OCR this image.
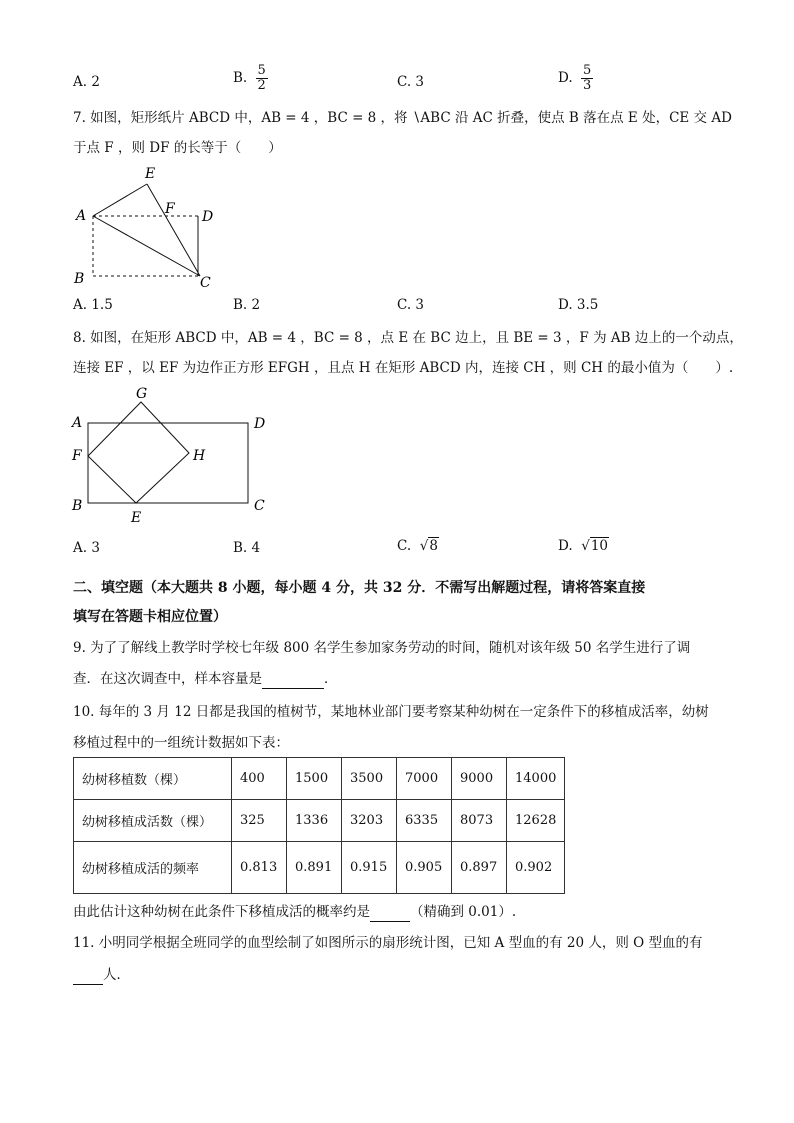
A. 2	B. $\frac{5}{2}$	C. 3	D. $\frac{5}{3}$
7. 如图，矩形纸片 ABCD 中，AB = 4 ，BC = 8 ，将 ∖ABC 沿 AC 折叠，使点 B 落在点 E 处，CE 交 AD
于点 F ，则 DF 的长等于（　　）
E
A	F D
B	C
A. 1.5	B. 2	C. 3	D. 3.5
8. 如图，在矩形 ABCD 中，AB = 4 ，BC = 8 ，点 E 在 BC 边上，且 BE = 3 ，F 为 AB 边上的一个动点，
连接 EF ，以 EF 为边作正方形 EFGH ，且点 H 在矩形 ABCD 内，连接 CH ，则 CH 的最小值为（　　）.
G
A	D
F	H
B
E
C
A. 3	B. 4	C.  √8	D.  √10
二、填空题（本大题共 8 小题，每小题 4 分，共 32 分．不需写出解题过程，请将答案直接
填写在答题卡相应位置）
9. 为了了解线上教学时学校七年级 800 名学生参加家务劳动的时间，随机对该年级 50 名学生进行了调
查．在这次调查中，样本容量是	．
10. 每年的 3 月 12 日都是我国的植树节，某地林业部门要考察某种幼树在一定条件下的移植成活率，幼树
移植过程中的一组统计数据如下表：
幼树移植数（棵）	400	1500	3500	7000	9000	14000
幼树移植成活数（棵）	325	1336	3203	6335	8073	12628
幼树移植成活的频率	0.813	0.891	0.915	0.905	0.897	0.902
由此估计这种幼树在此条件下移植成活的概率约是	（精确到 0.01）.
11. 小明同学根据全班同学的血型绘制了如图所示的扇形统计图，已知 A 型血的有 20 人，则 O 型血的有
人．
